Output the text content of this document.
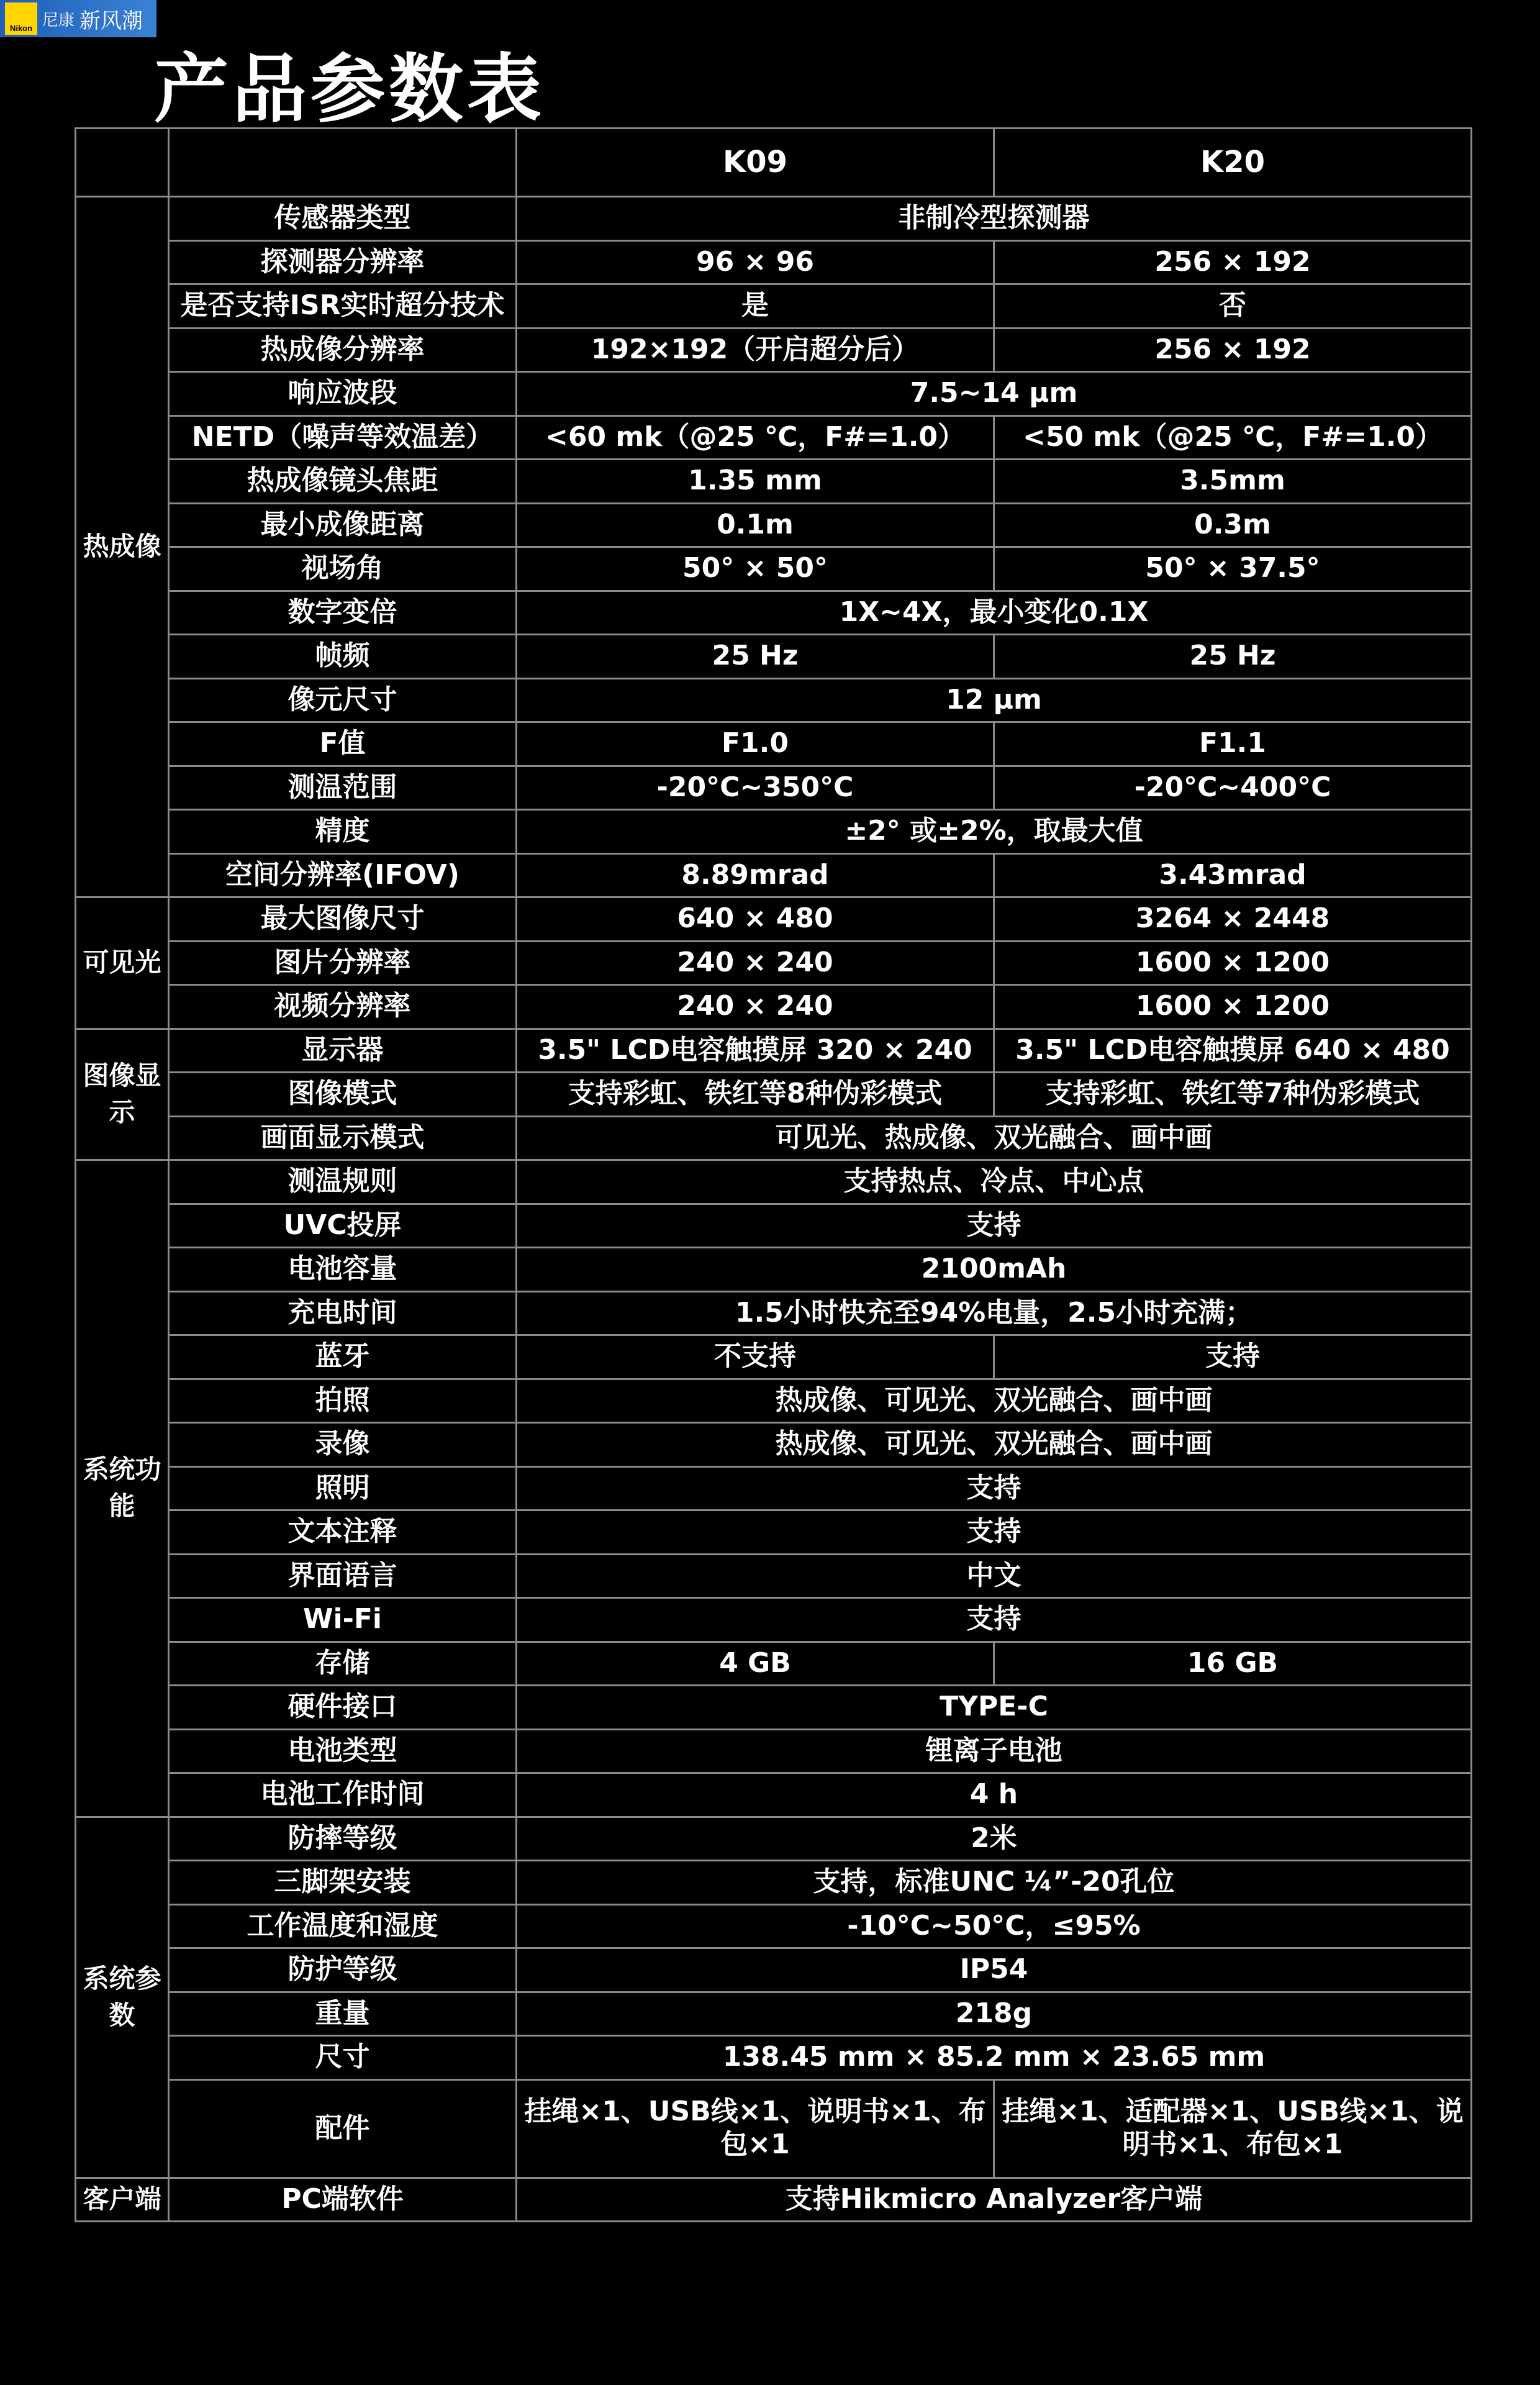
Nikon 尼康 新风潮
产品参数表
		K09	K20
热成像	传感器类型	非制冷型探测器	
	探测器分辨率	96 × 96	256 × 192
	是否支持ISR实时超分技术	是	否
	热成像分辨率	192×192（开启超分后）	256 × 192
	响应波段	7.5~14 μm	
	NETD（噪声等效温差）	<60 mk（@25 ℃，F#=1.0）	<50 mk（@25 ℃，F#=1.0）
	热成像镜头焦距	1.35 mm	3.5mm
	最小成像距离	0.1m	0.3m
	视场角	50° × 50°	50° × 37.5°
	数字变倍	1X~4X，最小变化0.1X	
	帧频	25 Hz	25 Hz
	像元尺寸	12 μm	
	F值	F1.0	F1.1
	测温范围	-20°C~350°C	-20°C~400°C
	精度	±2° 或±2%，取最大值	
	空间分辨率(IFOV)	8.89mrad	3.43mrad
可见光	最大图像尺寸	640 × 480	3264 × 2448
	图片分辨率	240 × 240	1600 × 1200
	视频分辨率	240 × 240	1600 × 1200
图像显示	显示器	3.5" LCD电容触摸屏 320 × 240	3.5" LCD电容触摸屏 640 × 480
	图像模式	支持彩虹、铁红等8种伪彩模式	支持彩虹、铁红等7种伪彩模式
	画面显示模式	可见光、热成像、双光融合、画中画	
系统功能	测温规则	支持热点、冷点、中心点	
	UVC投屏	支持	
	电池容量	2100mAh	
	充电时间	1.5小时快充至94%电量，2.5小时充满；	
	蓝牙	不支持	支持
	拍照	热成像、可见光、双光融合、画中画	
	录像	热成像、可见光、双光融合、画中画	
	照明	支持	
	文本注释	支持	
	界面语言	中文	
	Wi-Fi	支持	
	存储	4 GB	16 GB
	硬件接口	TYPE-C	
	电池类型	锂离子电池	
	电池工作时间	4 h	
系统参数	防摔等级	2米	
	三脚架安装	支持，标准UNC ¼”-20孔位	
	工作温度和湿度	-10°C~50°C，≤95%	
	防护等级	IP54	
	重量	218g	
	尺寸	138.45 mm × 85.2 mm × 23.65 mm	
	配件	挂绳×1、USB线×1、说明书×1、布包×1	挂绳×1、适配器×1、USB线×1、说明书×1、布包×1
客户端	PC端软件	支持Hikmicro Analyzer客户端	
